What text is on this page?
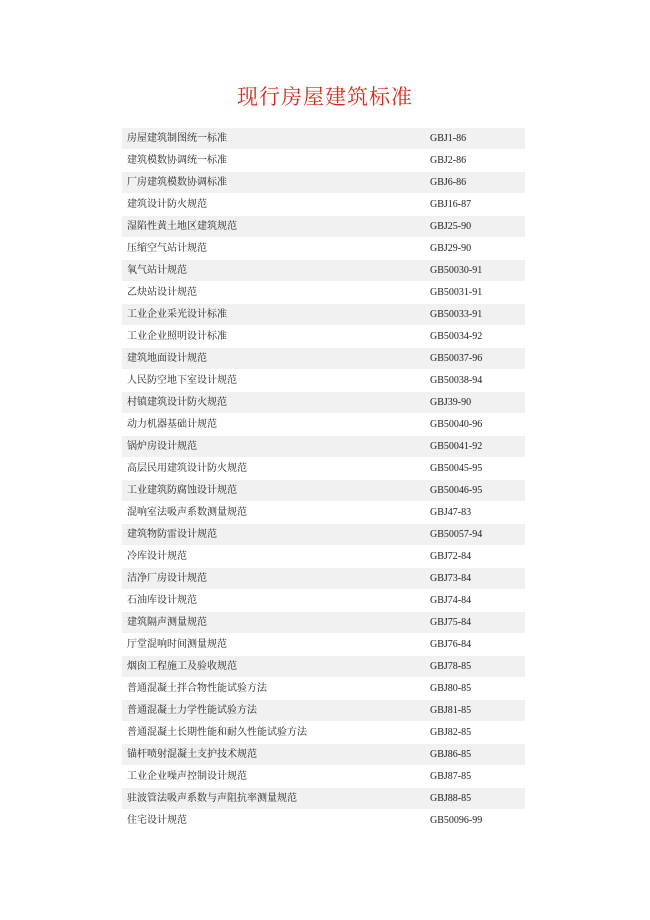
现行房屋建筑标准
房屋建筑制图统一标准	GBJ1-86
建筑模数协调统一标准	GBJ2-86
厂房建筑模数协调标准	GBJ6-86
建筑设计防火规范	GBJ16-87
湿陷性黄土地区建筑规范	GBJ25-90
压缩空气站计规范	GBJ29-90
氧气站计规范	GB50030-91
乙炔站设计规范	GB50031-91
工业企业采光设计标准	GB50033-91
工业企业照明设计标准	GB50034-92
建筑地面设计规范	GB50037-96
人民防空地下室设计规范	GB50038-94
村镇建筑设计防火规范	GBJ39-90
动力机器基础计规范	GB50040-96
锅炉房设计规范	GB50041-92
高层民用建筑设计防火规范	GB50045-95
工业建筑防腐蚀设计规范	GB50046-95
混响室法吸声系数测量规范	GBJ47-83
建筑物防雷设计规范	GB50057-94
冷库设计规范	GBJ72-84
洁净厂房设计规范	GBJ73-84
石油库设计规范	GBJ74-84
建筑隔声测量规范	GBJ75-84
厅堂混响时间测量规范	GBJ76-84
烟囱工程施工及验收规范	GBJ78-85
普通混凝土拌合物性能试验方法	GBJ80-85
普通混凝土力学性能试验方法	GBJ81-85
普通混凝土长期性能和耐久性能试验方法	GBJ82-85
锚杆喷射混凝土支护技术规范	GBJ86-85
工业企业噪声控制设计规范	GBJ87-85
驻波管法吸声系数与声阻抗率测量规范	GBJ88-85
住宅设计规范	GB50096-99
